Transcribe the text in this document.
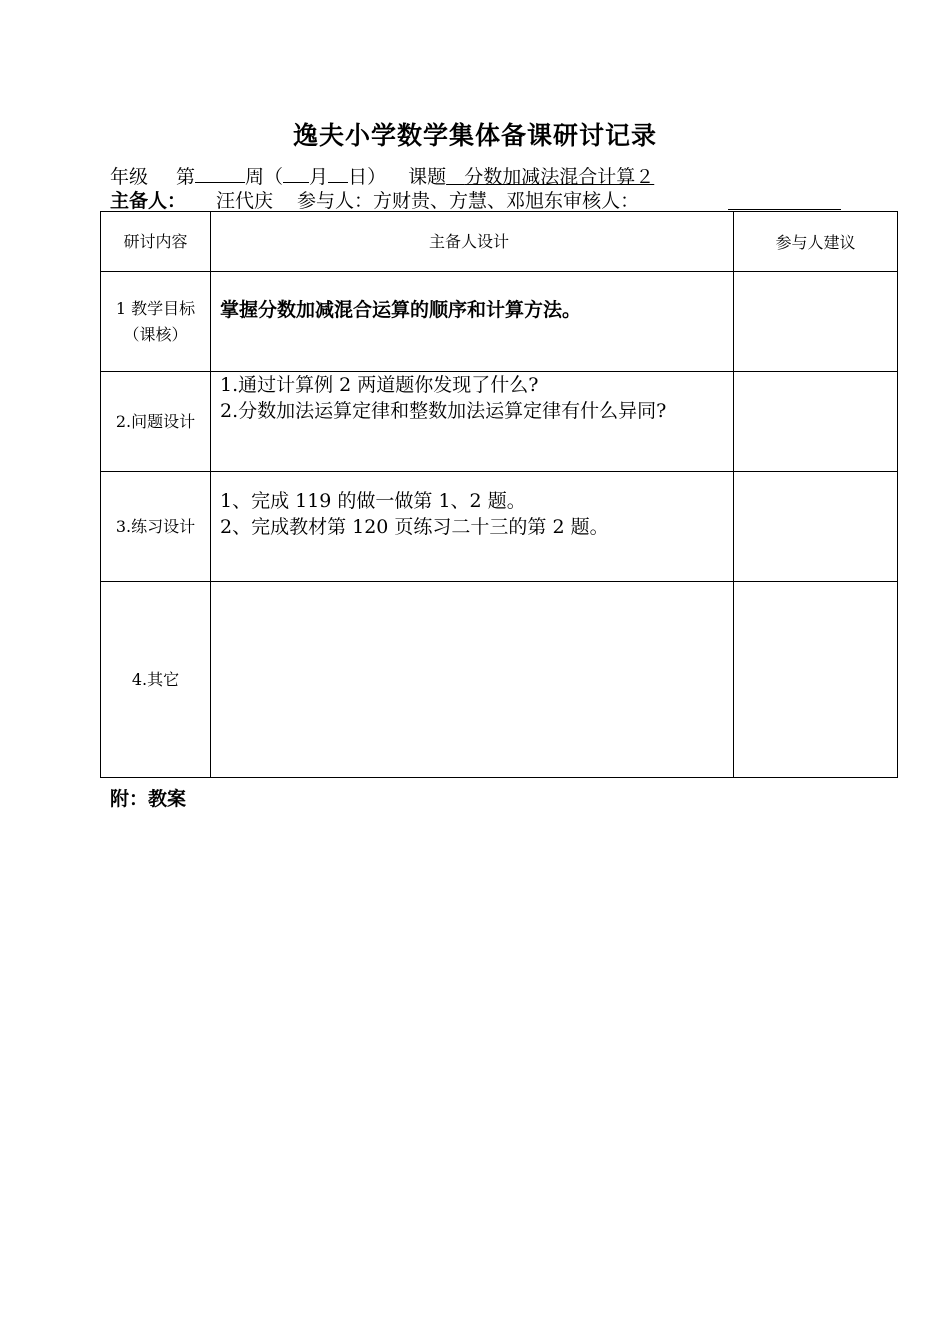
逸夫小学数学集体备课研讨记录
年级 第	周（ 月 日） 课题 分数加减法混合计算２
主备人： 汪代庆 参与人：方财贵、方慧、邓旭东审核人：
研讨内容	主备人设计	参与人建议

1 教学目标
（课核）	掌握分数加减混合运算的顺序和计算方法。	
2.问题设计	1.通过计算例 2 两道题你发现了什么?
2.分数加法运算定律和整数加法运算定律有什么异同?	

3.练习设计	1、完成 119 的做一做第 1、2 题。
2、完成教材第 120 页练习二十三的第 2 题。	

4.其它		
附：教案
